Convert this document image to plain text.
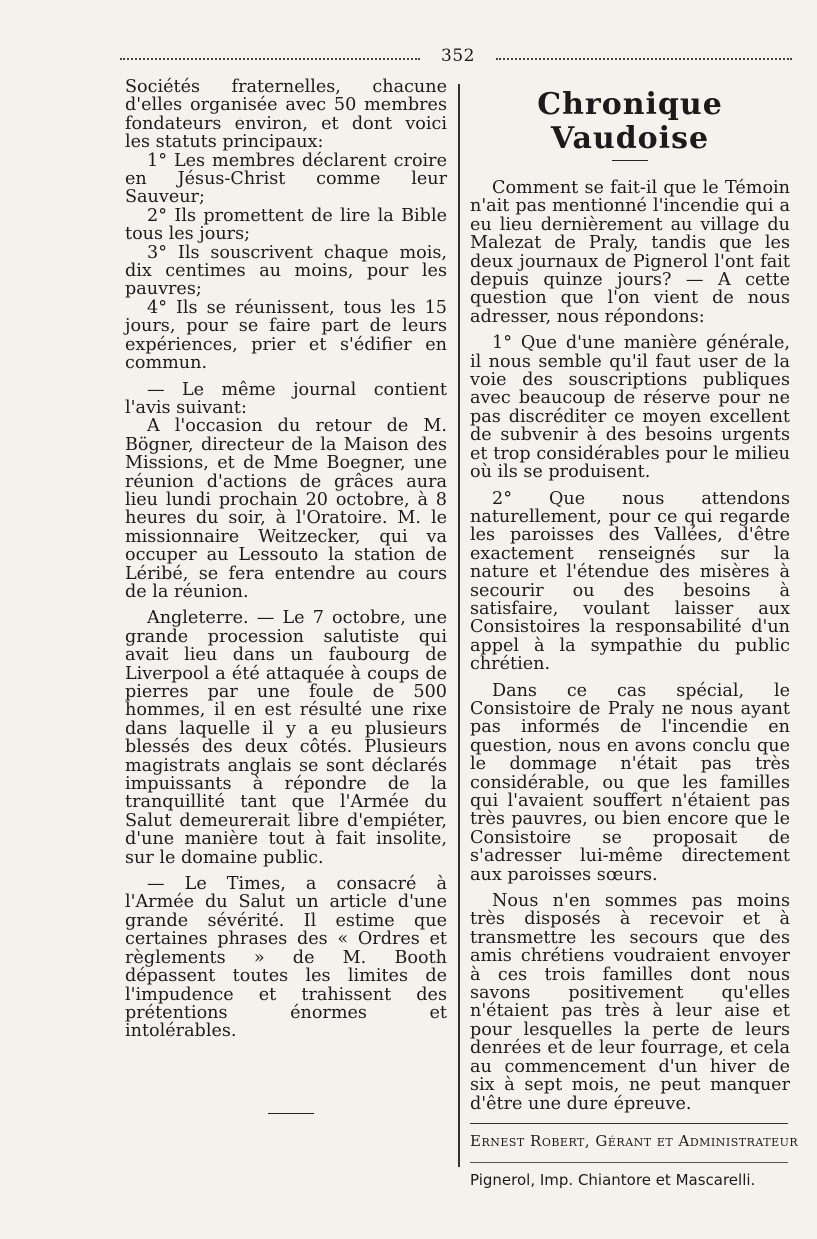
352

Sociétés fraternelles, chacune d'elles organisée avec 50 membres fondateurs environ, et dont voici les statuts principaux:

1° Les membres déclarent croire en Jésus-Christ comme leur Sauveur;

2° Ils promettent de lire la Bible tous les jours;

3° Ils souscrivent chaque mois, dix centimes au moins, pour les pauvres;

4° Ils se réunissent, tous les 15 jours, pour se faire part de leurs expériences, prier et s'édifier en commun.

— Le même journal contient l'avis suivant:

A l'occasion du retour de M. Bögner, directeur de la Maison des Missions, et de Mme Boegner, une réunion d'actions de grâces aura lieu lundi prochain 20 octobre, à 8 heures du soir, à l'Oratoire. M. le missionnaire Weitzecker, qui va occuper au Lessouto la station de Léribé, se fera entendre au cours de la réunion.

Angleterre. — Le 7 octobre, une grande procession salutiste qui avait lieu dans un faubourg de Liverpool a été attaquée à coups de pierres par une foule de 500 hommes, il en est résulté une rixe dans laquelle il y a eu plusieurs blessés des deux côtés. Plusieurs magistrats anglais se sont déclarés impuissants à répondre de la tranquillité tant que l'Armée du Salut demeurerait libre d'empiéter, d'une manière tout à fait insolite, sur le domaine public.

— Le Times, a consacré à l'Armée du Salut un article d'une grande sévérité. Il estime que certaines phrases des « Ordres et règlements » de M. Booth dépassent toutes les limites de l'impudence et trahissent des prétentions énormes et intolérables.

Chronique Vaudoise

Comment se fait-il que le Témoin n'ait pas mentionné l'incendie qui a eu lieu dernièrement au village du Malezat de Praly, tandis que les deux journaux de Pignerol l'ont fait depuis quinze jours? — A cette question que l'on vient de nous adresser, nous répondons:

1° Que d'une manière générale, il nous semble qu'il faut user de la voie des souscriptions publiques avec beaucoup de réserve pour ne pas discréditer ce moyen excellent de subvenir à des besoins urgents et trop considérables pour le milieu où ils se produisent.

2° Que nous attendons naturellement, pour ce qui regarde les paroisses des Vallées, d'être exactement renseignés sur la nature et l'étendue des misères à secourir ou des besoins à satisfaire, voulant laisser aux Consistoires la responsabilité d'un appel à la sympathie du public chrétien.

Dans ce cas spécial, le Consistoire de Praly ne nous ayant pas informés de l'incendie en question, nous en avons conclu que le dommage n'était pas très considérable, ou que les familles qui l'avaient souffert n'étaient pas très pauvres, ou bien encore que le Consistoire se proposait de s'adresser lui-même directement aux paroisses sœurs.

Nous n'en sommes pas moins très disposés à recevoir et à transmettre les secours que des amis chrétiens voudraient envoyer à ces trois familles dont nous savons positivement qu'elles n'étaient pas très à leur aise et pour lesquelles la perte de leurs denrées et de leur fourrage, et cela au commencement d'un hiver de six à sept mois, ne peut manquer d'être une dure épreuve.

Ernest Robert, Gérant et Administrateur
Pignerol, Imp. Chiantore et Mascarelli.
